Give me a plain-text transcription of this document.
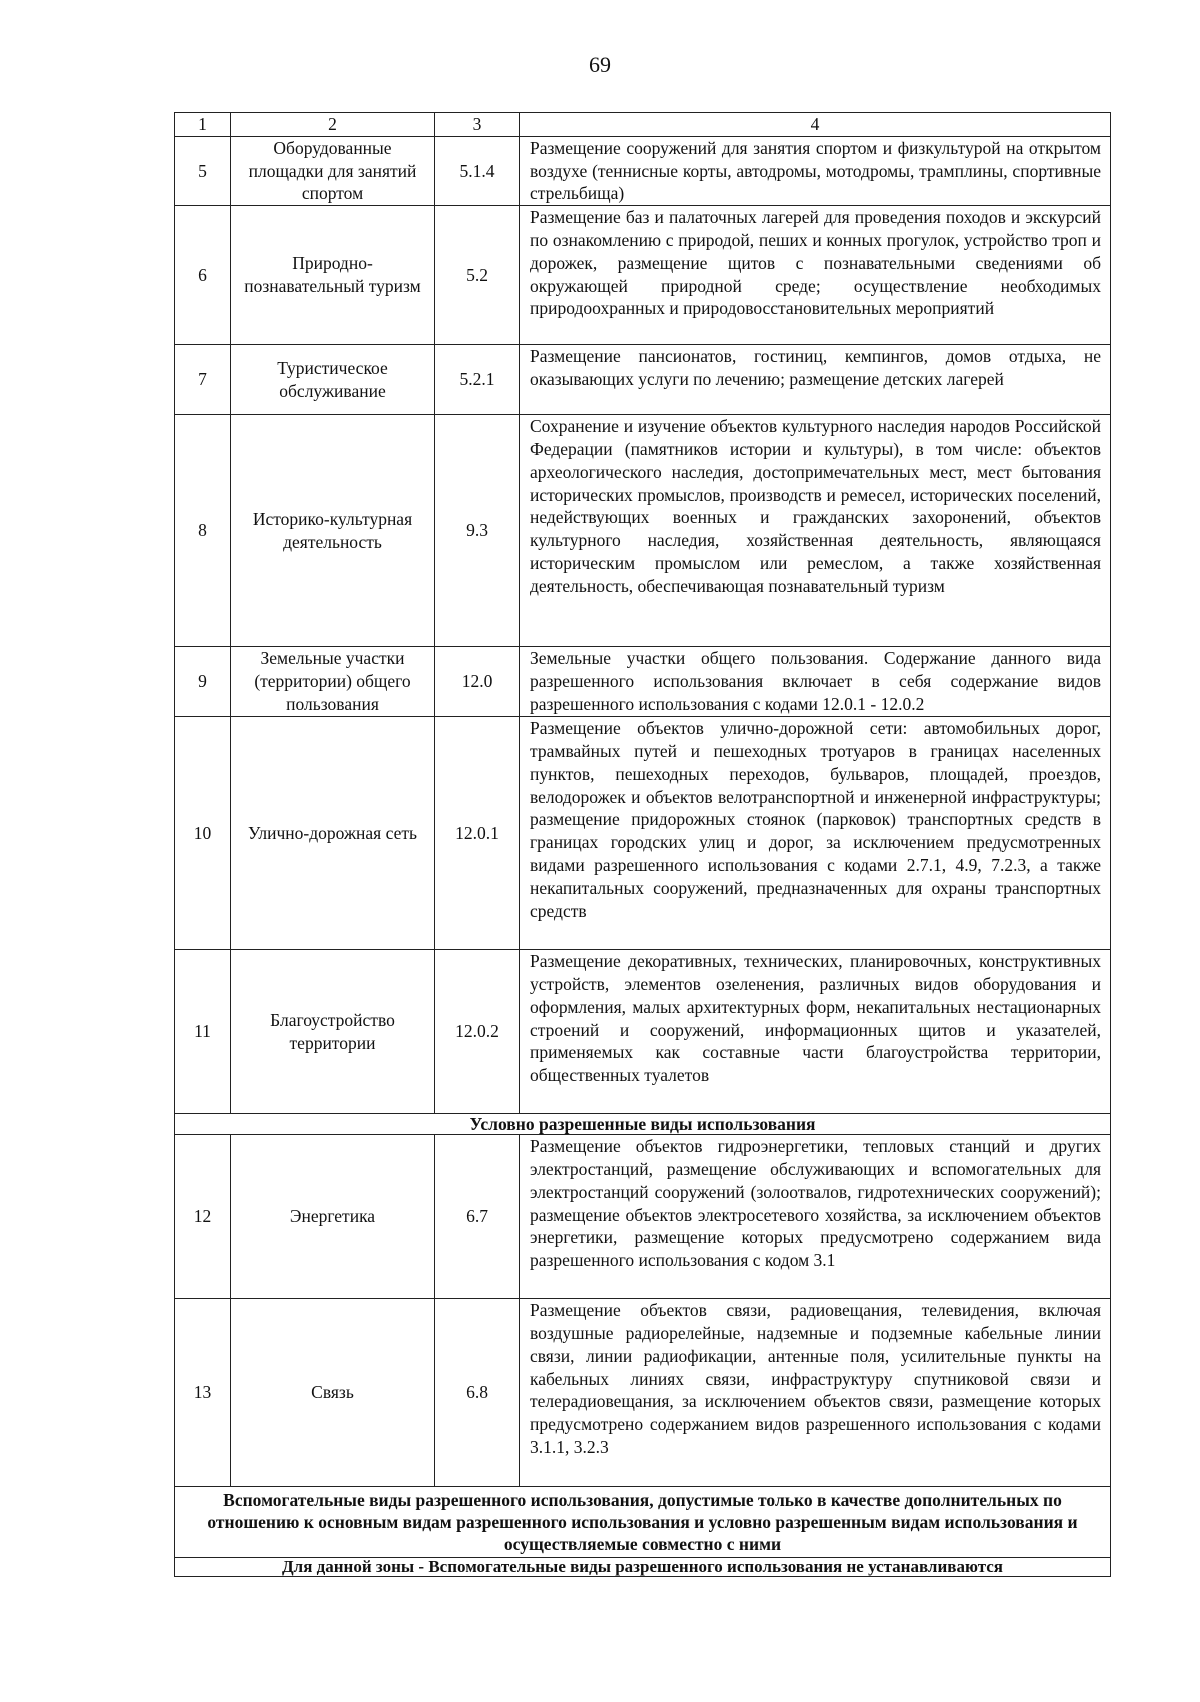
69
1	2	3	4
5	Оборудованные площадки для занятий спортом	5.1.4	Размещение сооружений для занятия спортом и физкультурой на открытом воздухе (теннисные корты, автодромы, мотодромы, трамплины, спортивные стрельбища)
6	Природно-познавательный туризм	5.2	Размещение баз и палаточных лагерей для проведения походов и экскурсий по ознакомлению с природой, пеших и конных прогулок, устройство троп и дорожек, размещение щитов с познавательными сведениями об окружающей природной среде; осуществление необходимых природоохранных и природовосстановительных мероприятий
7	Туристическое обслуживание	5.2.1	Размещение пансионатов, гостиниц, кемпингов, домов отдыха, не оказывающих услуги по лечению; размещение детских лагерей
8	Историко-культурная деятельность	9.3	Сохранение и изучение объектов культурного наследия народов Российской Федерации (памятников истории и культуры), в том числе: объектов археологического наследия, достопримечательных мест, мест бытования исторических промыслов, производств и ремесел, исторических поселений, недействующих военных и гражданских захоронений, объектов культурного наследия, хозяйственная деятельность, являющаяся историческим промыслом или ремеслом, а также хозяйственная деятельность, обеспечивающая познавательный туризм
9	Земельные участки (территории) общего пользования	12.0	Земельные участки общего пользования. Содержание данного вида разрешенного использования включает в себя содержание видов разрешенного использования с кодами 12.0.1 - 12.0.2
10	Улично-дорожная сеть	12.0.1	Размещение объектов улично-дорожной сети: автомобильных дорог, трамвайных путей и пешеходных тротуаров в границах населенных пунктов, пешеходных переходов, бульваров, площадей, проездов, велодорожек и объектов велотранспортной и инженерной инфраструктуры; размещение придорожных стоянок (парковок) транспортных средств в границах городских улиц и дорог, за исключением предусмотренных видами разрешенного использования с кодами 2.7.1, 4.9, 7.2.3, а также некапитальных сооружений, предназначенных для охраны транспортных средств
11	Благоустройство территории	12.0.2	Размещение декоративных, технических, планировочных, конструктивных устройств, элементов озеленения, различных видов оборудования и оформления, малых архитектурных форм, некапитальных нестационарных строений и сооружений, информационных щитов и указателей, применяемых как составные части благоустройства территории, общественных туалетов
Условно разрешенные виды использования			
12	Энергетика	6.7	Размещение объектов гидроэнергетики, тепловых станций и других электростанций, размещение обслуживающих и вспомогательных для электростанций сооружений (золоотвалов, гидротехнических сооружений); размещение объектов электросетевого хозяйства, за исключением объектов энергетики, размещение которых предусмотрено содержанием вида разрешенного использования с кодом 3.1
13	Связь	6.8	Размещение объектов связи, радиовещания, телевидения, включая воздушные радиорелейные, надземные и подземные кабельные линии связи, линии радиофикации, антенные поля, усилительные пункты на кабельных линиях связи, инфраструктуру спутниковой связи и телерадиовещания, за исключением объектов связи, размещение которых предусмотрено содержанием видов разрешенного использования с кодами 3.1.1, 3.2.3
Вспомогательные виды разрешенного использования, допустимые только в качестве дополнительных по отношению к основным видам разрешенного использования и условно разрешенным видам использования и осуществляемые совместно с ними			
Для данной зоны - Вспомогательные виды разрешенного использования не устанавливаются			
